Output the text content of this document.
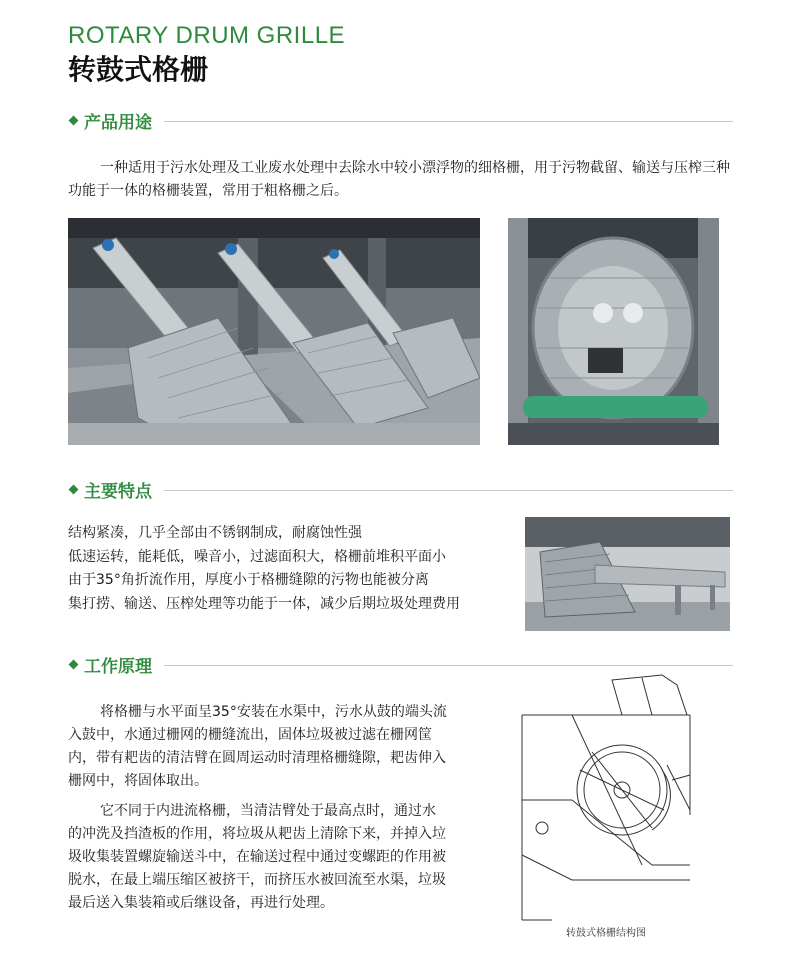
ROTARY DRUM GRILLE
转鼓式格栅
产品用途
一种适用于污水处理及工业废水处理中去除水中较小漂浮物的细格栅，用于污物截留、输送与压榨三种功能于一体的格栅装置，常用于粗格栅之后。
主要特点
结构紧凑，几乎全部由不锈钢制成，耐腐蚀性强
低速运转，能耗低，噪音小，过滤面积大，格栅前堆积平面小
由于35°角折流作用，厚度小于格栅缝隙的污物也能被分离
集打捞、输送、压榨处理等功能于一体，减少后期垃圾处理费用
工作原理
将格栅与水平面呈35°安装在水渠中，污水从鼓的端头流入鼓中，水通过栅网的栅缝流出，固体垃圾被过滤在栅网筐内，带有耙齿的清洁臂在圆周运动时清理格栅缝隙，耙齿伸入栅网中，将固体取出。
它不同于内进流格栅，当清洁臂处于最高点时，通过水的冲洗及挡渣板的作用，将垃圾从耙齿上清除下来，并掉入垃圾收集装置螺旋输送斗中，在输送过程中通过变螺距的作用被脱水，在最上端压缩区被挤干，而挤压水被回流至水渠，垃圾最后送入集装箱或后继设备，再进行处理。
转鼓式格栅结构图
